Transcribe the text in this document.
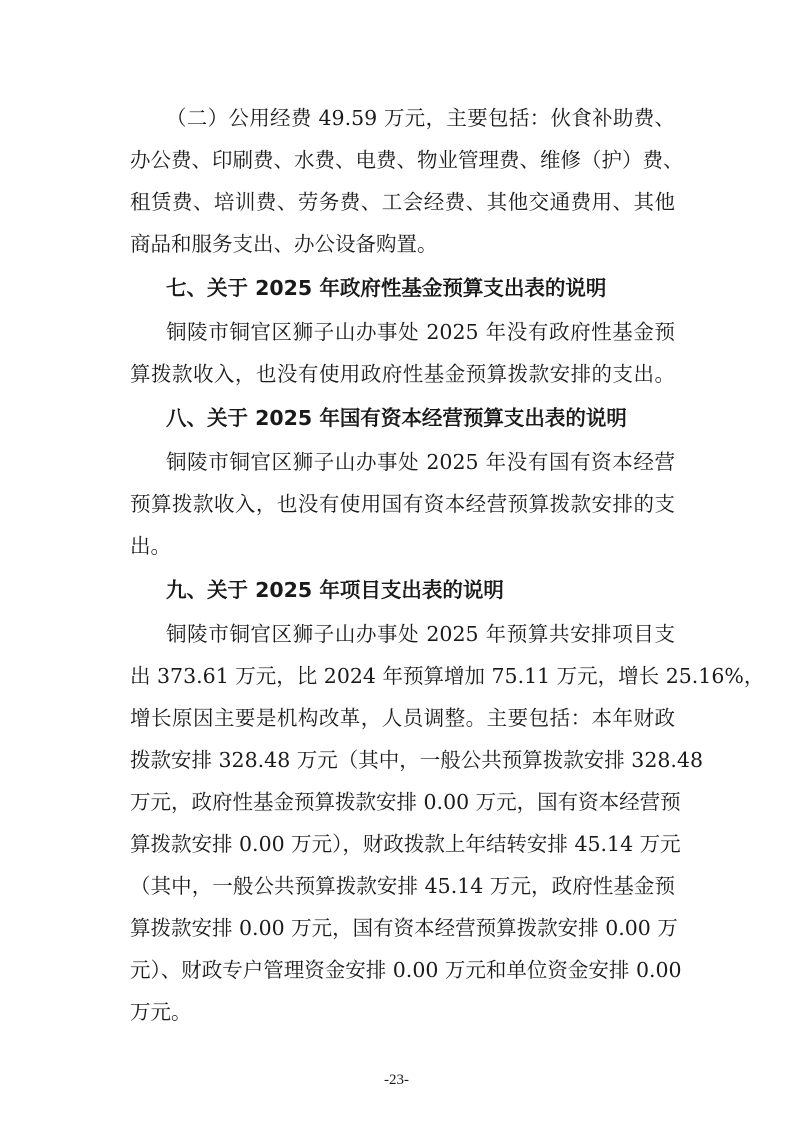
（二）公用经费 49.59 万元，主要包括：伙食补助费、
办公费、印刷费、水费、电费、物业管理费、维修（护）费、
租赁费、培训费、劳务费、工会经费、其他交通费用、其他
商品和服务支出、办公设备购置。
七、关于 2025 年政府性基金预算支出表的说明
铜陵市铜官区狮子山办事处 2025 年没有政府性基金预
算拨款收入，也没有使用政府性基金预算拨款安排的支出。
八、关于 2025 年国有资本经营预算支出表的说明
铜陵市铜官区狮子山办事处 2025 年没有国有资本经营
预算拨款收入，也没有使用国有资本经营预算拨款安排的支
出。
九、关于 2025 年项目支出表的说明
铜陵市铜官区狮子山办事处 2025 年预算共安排项目支
出 373.61 万元，比 2024 年预算增加 75.11 万元，增长 25.16%，
增长原因主要是机构改革，人员调整。主要包括：本年财政
拨款安排 328.48 万元（其中，一般公共预算拨款安排 328.48
万元，政府性基金预算拨款安排 0.00 万元，国有资本经营预
算拨款安排 0.00 万元），财政拨款上年结转安排 45.14 万元
（其中，一般公共预算拨款安排 45.14 万元，政府性基金预
算拨款安排 0.00 万元，国有资本经营预算拨款安排 0.00 万
元）、财政专户管理资金安排 0.00 万元和单位资金安排 0.00
-23-
万元。
